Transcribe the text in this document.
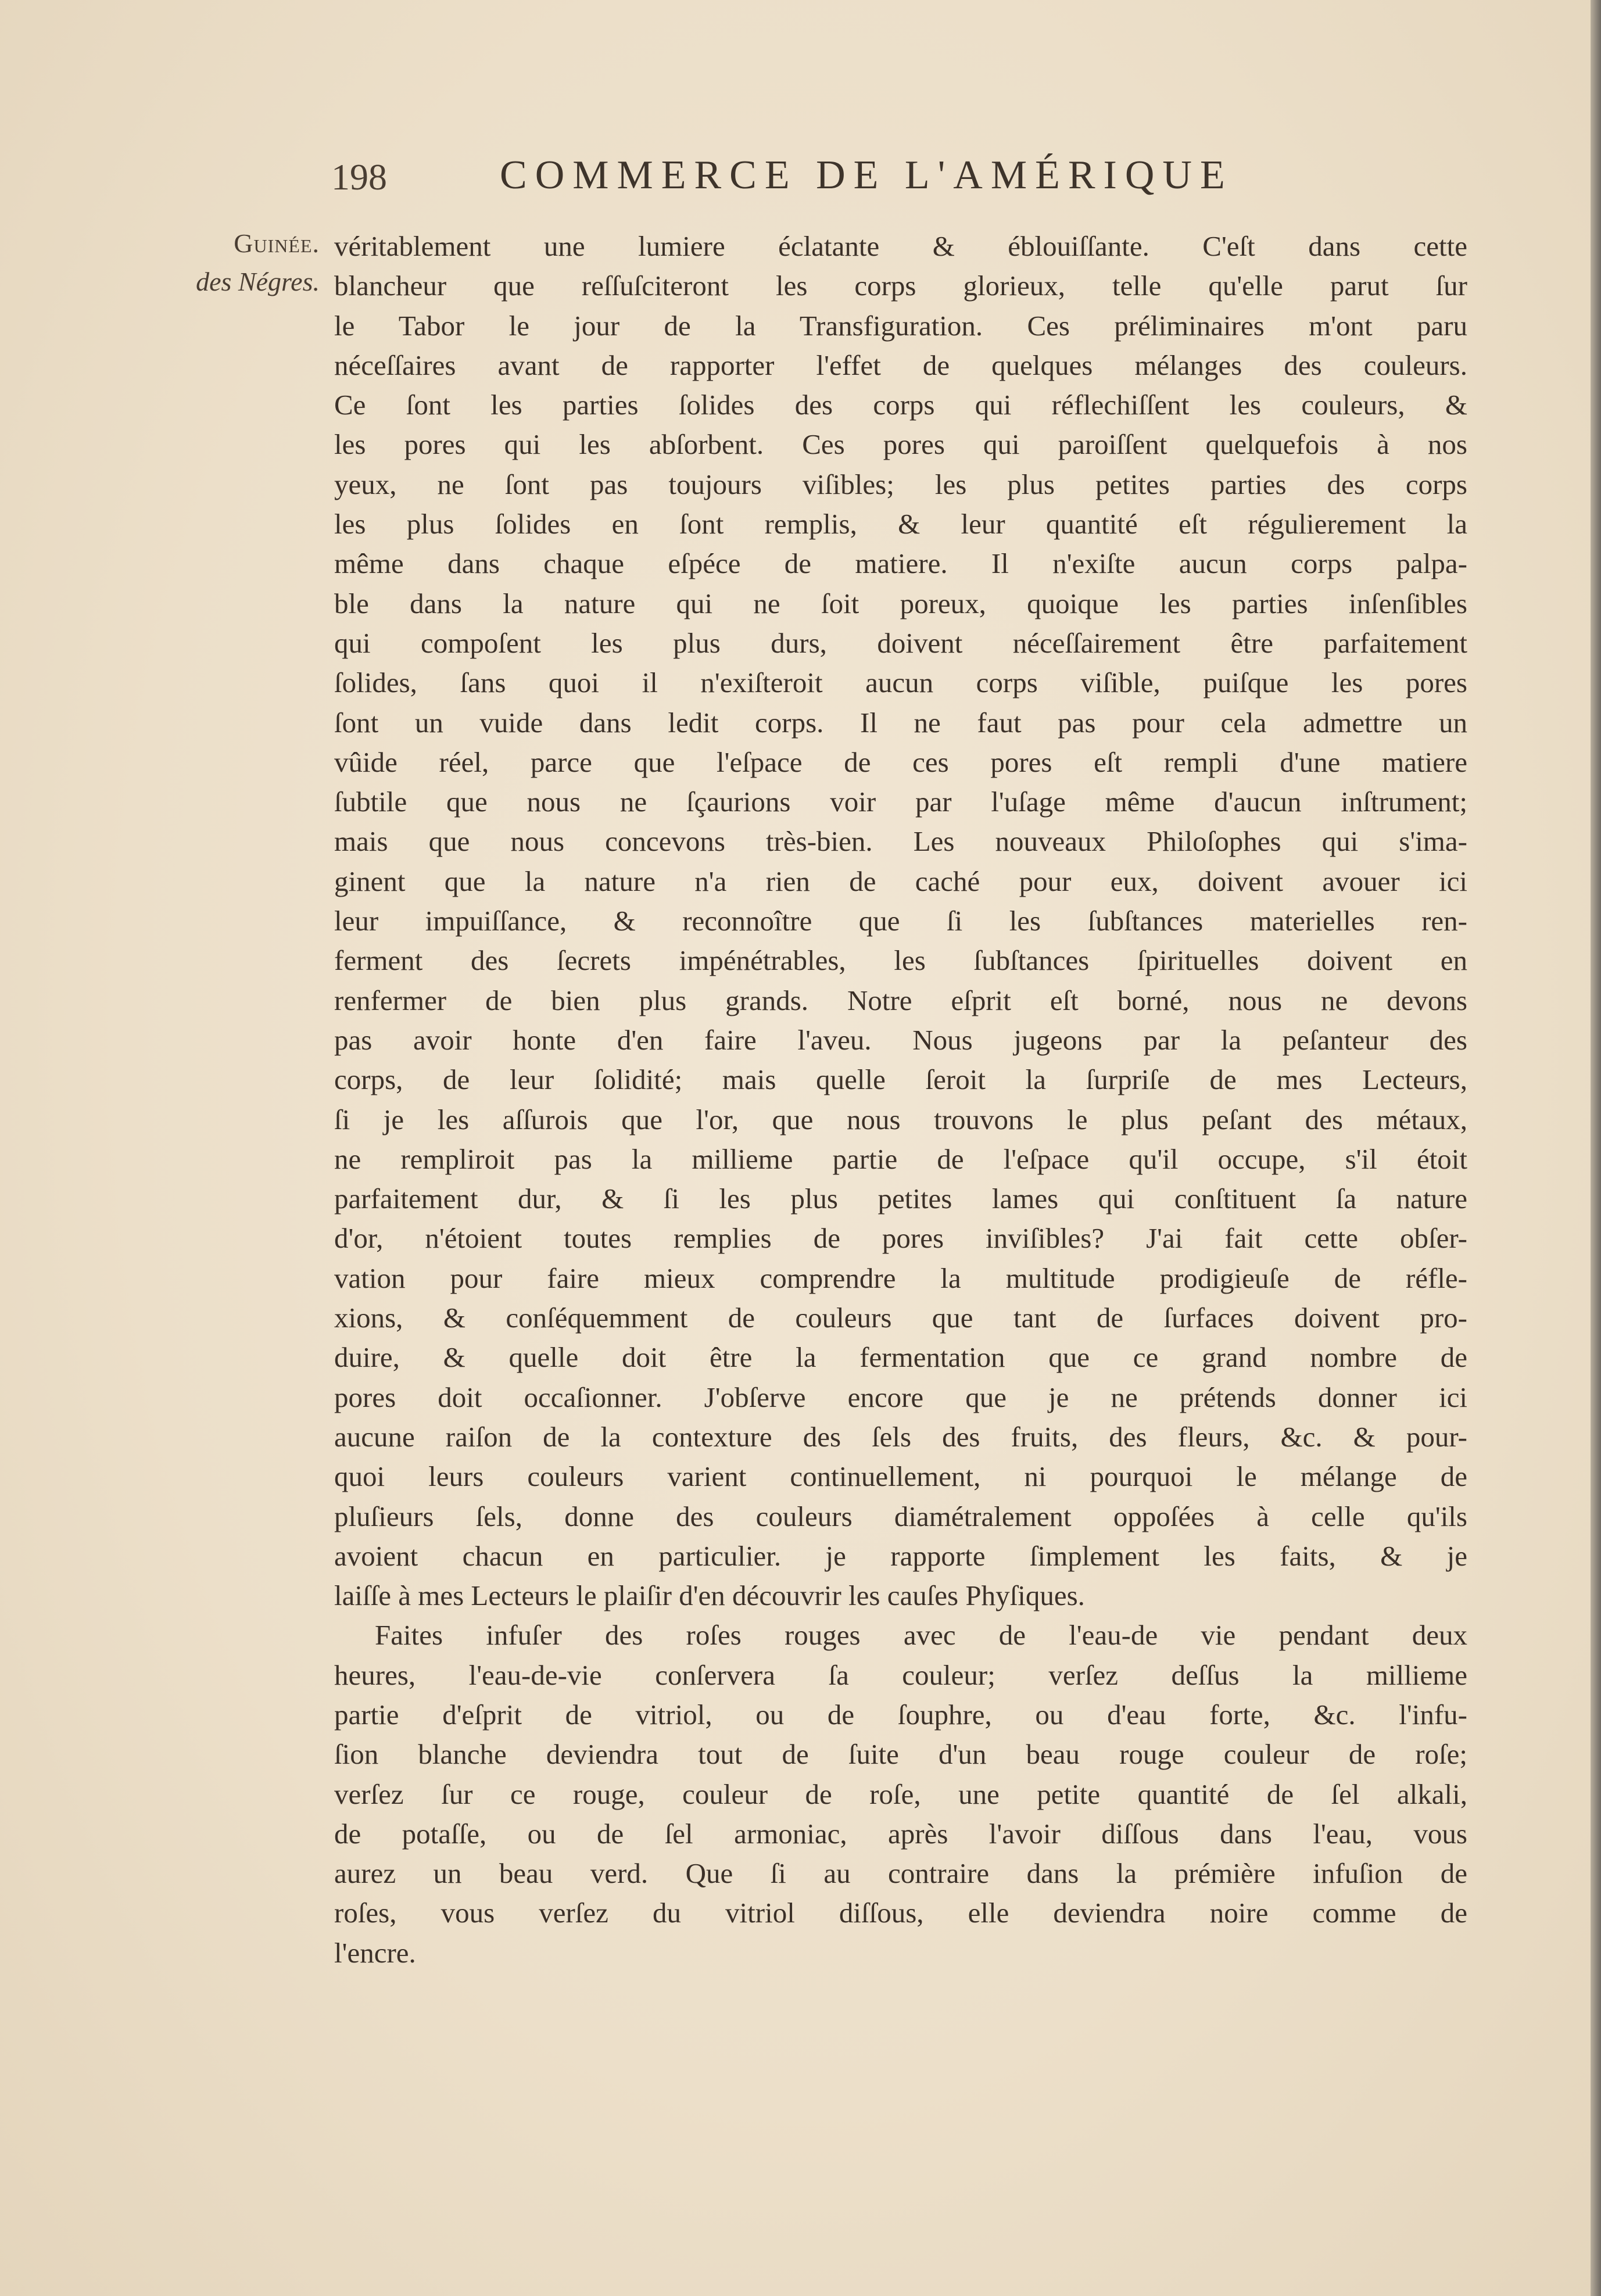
198	COMMERCE DE L'AMÉRIQUE
Guinée.
des Négres.
véritablement une lumiere éclatante & éblouiſſante. C'eſt dans cette
blancheur que reſſuſciteront les corps glorieux, telle qu'elle parut ſur
le Tabor le jour de la Transfiguration. Ces préliminaires m'ont paru
néceſſaires avant de rapporter l'effet de quelques mélanges des couleurs.
Ce ſont les parties ſolides des corps qui réflechiſſent les couleurs, &
les pores qui les abſorbent. Ces pores qui paroiſſent quelquefois à nos
yeux, ne ſont pas toujours viſibles; les plus petites parties des corps
les plus ſolides en ſont remplis, & leur quantité eſt régulierement la
même dans chaque eſpéce de matiere. Il n'exiſte aucun corps palpa-
ble dans la nature qui ne ſoit poreux, quoique les parties inſenſibles
qui compoſent les plus durs, doivent néceſſairement être parfaitement
ſolides, ſans quoi il n'exiſteroit aucun corps viſible, puiſque les pores
ſont un vuide dans ledit corps. Il ne faut pas pour cela admettre un
vûide réel, parce que l'eſpace de ces pores eſt rempli d'une matiere
ſubtile que nous ne ſçaurions voir par l'uſage même d'aucun inſtrument;
mais que nous concevons très-bien. Les nouveaux Philoſophes qui s'ima-
ginent que la nature n'a rien de caché pour eux, doivent avouer ici
leur impuiſſance, & reconnoître que ſi les ſubſtances materielles ren-
ferment des ſecrets impénétrables, les ſubſtances ſpirituelles doivent en
renfermer de bien plus grands. Notre eſprit eſt borné, nous ne devons
pas avoir honte d'en faire l'aveu. Nous jugeons par la peſanteur des
corps, de leur ſolidité; mais quelle ſeroit la ſurpriſe de mes Lecteurs,
ſi je les aſſurois que l'or, que nous trouvons le plus peſant des métaux,
ne rempliroit pas la millieme partie de l'eſpace qu'il occupe, s'il étoit
parfaitement dur, & ſi les plus petites lames qui conſtituent ſa nature
d'or, n'étoient toutes remplies de pores inviſibles? J'ai fait cette obſer-
vation pour faire mieux comprendre la multitude prodigieuſe de réfle-
xions, & conſéquemment de couleurs que tant de ſurfaces doivent pro-
duire, & quelle doit être la fermentation que ce grand nombre de
pores doit occaſionner. J'obſerve encore que je ne prétends donner ici
aucune raiſon de la contexture des ſels des fruits, des fleurs, &c. & pour-
quoi leurs couleurs varient continuellement, ni pourquoi le mélange de
pluſieurs ſels, donne des couleurs diamétralement oppoſées à celle qu'ils
avoient chacun en particulier. je rapporte ſimplement les faits, & je
laiſſe à mes Lecteurs le plaiſir d'en découvrir les cauſes Phyſiques.
Faites infuſer des roſes rouges avec de l'eau-de vie pendant deux
heures, l'eau-de-vie conſervera ſa couleur; verſez deſſus la millieme
partie d'eſprit de vitriol, ou de ſouphre, ou d'eau forte, &c. l'infu-
ſion blanche deviendra tout de ſuite d'un beau rouge couleur de roſe;
verſez ſur ce rouge, couleur de roſe, une petite quantité de ſel alkali,
de potaſſe, ou de ſel armoniac, après l'avoir diſſous dans l'eau, vous
aurez un beau verd. Que ſi au contraire dans la prémière infuſion de
roſes, vous verſez du vitriol diſſous, elle deviendra noire comme de
l'encre.
